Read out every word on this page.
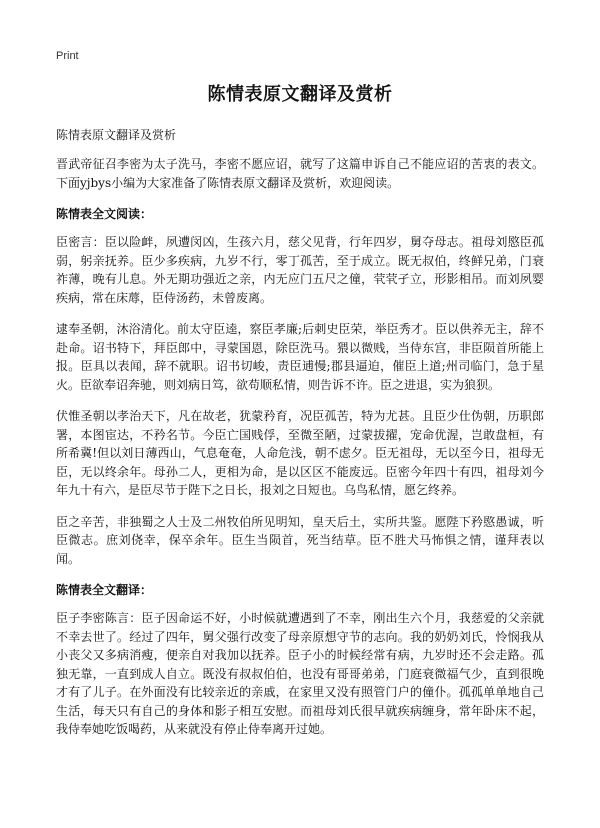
Print
陈情表原文翻译及赏析
陈情表原文翻译及赏析

晋武帝征召李密为太子洗马，李密不愿应诏，就写了这篇申诉自己不能应诏的苦衷的表文。下面yjbys小编为大家准备了陈情表原文翻译及赏析，欢迎阅读。

陈情表全文阅读：

臣密言：臣以险衅，夙遭闵凶，生孩六月，慈父见背，行年四岁，舅夺母志。祖母刘愍臣孤弱，躬亲抚养。臣少多疾病，九岁不行，零丁孤苦，至于成立。既无叔伯，终鲜兄弟，门衰祚薄，晚有儿息。外无期功强近之亲，内无应门五尺之僮，茕茕孑立，形影相吊。而刘夙婴疾病，常在床蓐，臣侍汤药，未曾废离。

逮奉圣朝，沐浴清化。前太守臣逵，察臣孝廉;后刺史臣荣，举臣秀才。臣以供养无主，辞不赴命。诏书特下，拜臣郎中，寻蒙国恩，除臣洗马。猥以微贱，当侍东宫，非臣陨首所能上报。臣具以表闻，辞不就职。诏书切峻，责臣逋慢;郡县逼迫，催臣上道;州司临门，急于星火。臣欲奉诏奔驰，则刘病日笃，欲苟顺私情，则告诉不许。臣之进退，实为狼狈。

伏惟圣朝以孝治天下，凡在故老，犹蒙矜育，况臣孤苦，特为尤甚。且臣少仕伪朝，历职郎署，本图宦达，不矜名节。今臣亡国贱俘，至微至陋，过蒙拔擢，宠命优渥，岂敢盘桓，有所希冀!但以刘日薄西山，气息奄奄，人命危浅，朝不虑夕。臣无祖母，无以至今日，祖母无臣，无以终余年。母孙二人，更相为命，是以区区不能废远。臣密今年四十有四，祖母刘今年九十有六，是臣尽节于陛下之日长，报刘之日短也。乌鸟私情，愿乞终养。

臣之辛苦，非独蜀之人士及二州牧伯所见明知，皇天后土，实所共鉴。愿陛下矜愍愚诚，听臣微志。庶刘侥幸，保卒余年。臣生当陨首，死当结草。臣不胜犬马怖惧之情，谨拜表以闻。

陈情表全文翻译：

臣子李密陈言：臣子因命运不好，小时候就遭遇到了不幸，刚出生六个月，我慈爱的父亲就不幸去世了。经过了四年，舅父强行改变了母亲原想守节的志向。我的奶奶刘氏，怜悯我从小丧父又多病消瘦，便亲自对我加以抚养。臣子小的时候经常有病，九岁时还不会走路。孤独无靠，一直到成人自立。既没有叔叔伯伯，也没有哥哥弟弟，门庭衰微福气少，直到很晚才有了儿子。在外面没有比较亲近的亲戚，在家里又没有照管门户的僮仆。孤孤单单地自己生活，每天只有自己的身体和影子相互安慰。而祖母刘氏很早就疾病缠身，常年卧床不起，我侍奉她吃饭喝药，从来就没有停止侍奉离开过她。
